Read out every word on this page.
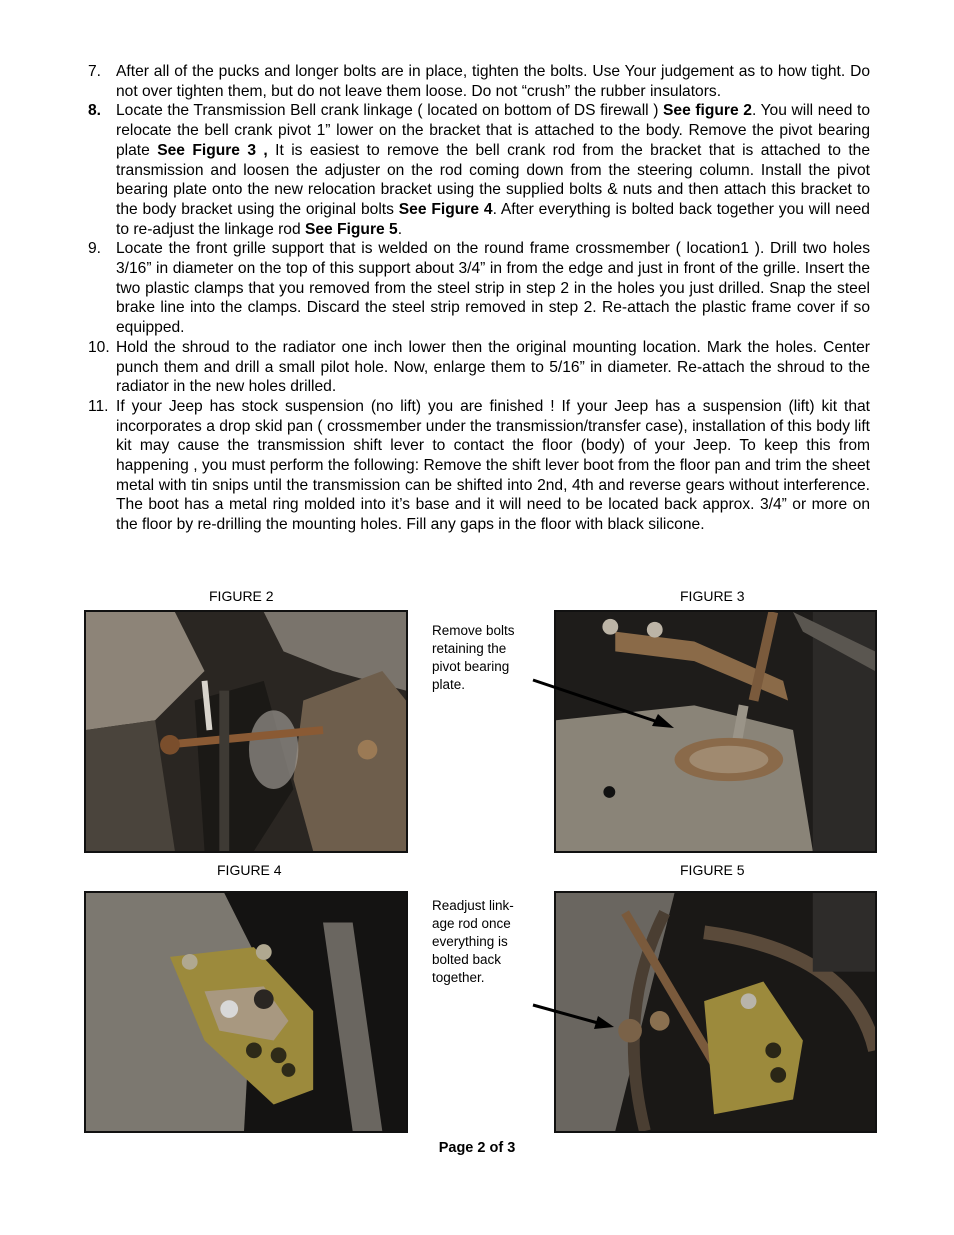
7. After all of the pucks and longer bolts are in place, tighten the bolts. Use Your judgement as to how tight. Do not over tighten them, but do not leave them loose. Do not “crush” the rubber insulators.
8. Locate the Transmission Bell crank linkage ( located on bottom of DS firewall ) See figure 2. You will need to relocate the bell crank pivot 1” lower on the bracket that is attached to the body. Remove the pivot bearing plate See Figure 3 , It is easiest to remove the bell crank rod from the bracket that is attached to the transmission and loosen the adjuster on the rod coming down from the steering column. Install the pivot bearing plate onto the new relocation bracket using the supplied bolts & nuts and then attach this bracket to the body bracket using the original bolts See Figure 4. After everything is bolted back together you will need to re-adjust the linkage rod See Figure 5.
9. Locate the front grille support that is welded on the round frame crossmember ( location1 ). Drill two holes 3/16” in diameter on the top of this support about 3/4” in from the edge and just in front of the grille. Insert the two plastic clamps that you removed from the steel strip in step 2 in the holes you just drilled. Snap the steel brake line into the clamps. Discard the steel strip removed in step 2. Re-attach the plastic frame cover if so equipped.
10. Hold the shroud to the radiator one inch lower then the original mounting location. Mark the holes. Center punch them and drill a small pilot hole. Now, enlarge them to 5/16” in diameter. Re-attach the shroud to the radiator in the new holes drilled.
11. If your Jeep has stock suspension (no lift) you are finished ! If your Jeep has a suspension (lift) kit that incorporates a drop skid pan ( crossmember under the transmission/transfer case), installation of this body lift kit may cause the transmission shift lever to contact the floor (body) of your Jeep. To keep this from happening , you must perform the following: Remove the shift lever boot from the floor pan and trim the sheet metal with tin snips until the transmission can be shifted into 2nd, 4th and reverse gears without interference. The boot has a metal ring molded into it’s base and it will need to be located back approx. 3/4” or more on the floor by re-drilling the mounting holes. Fill any gaps in the floor with black silicone.
FIGURE 2	FIGURE 3
FIGURE 4	FIGURE 5
Remove bolts
retaining the
pivot bearing
plate.
Readjust link-
age rod once
everything is
bolted back
together.
Page 2 of 3
